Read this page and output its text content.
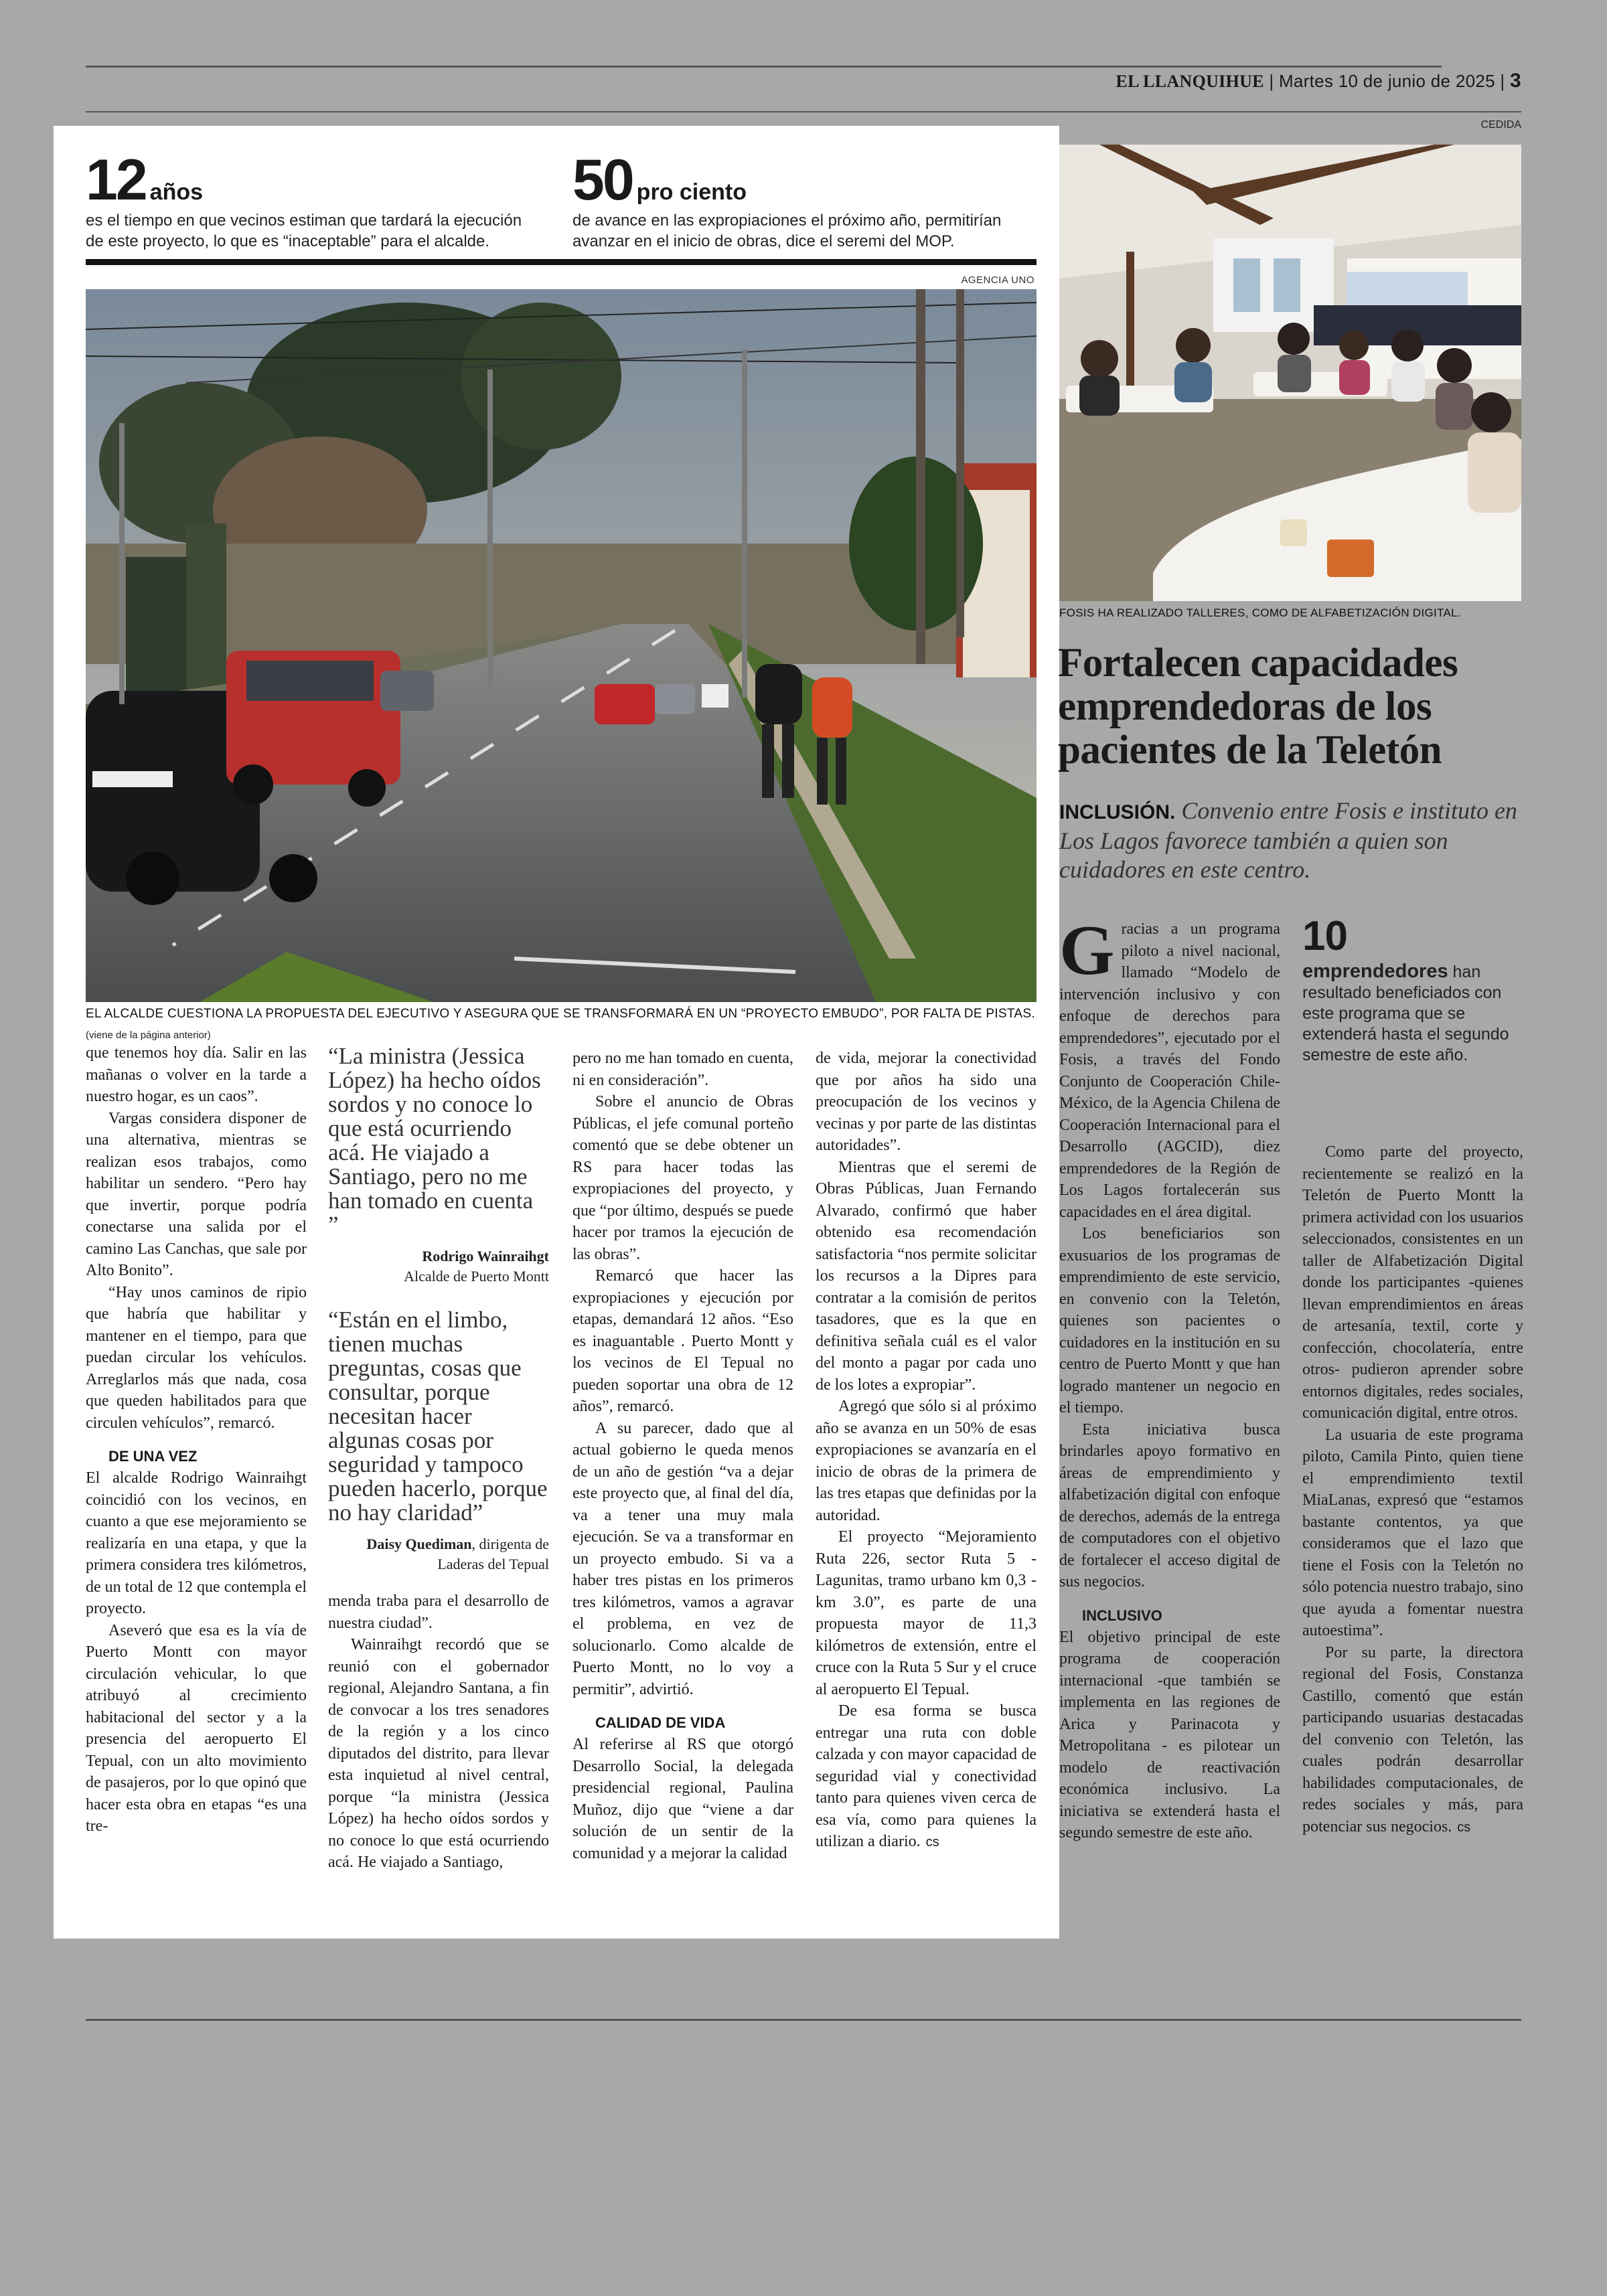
EL LLANQUIHUE | Martes 10 de junio de 2025 | 3
CEDIDA
12 años
es el tiempo en que vecinos estiman que tardará la ejecución de este proyecto, lo que es “inaceptable” para el alcalde.
50 pro ciento
de avance en las expropiaciones el próximo año, permitirían avanzar en el inicio de obras, dice el seremi del MOP.
AGENCIA UNO
EL ALCALDE CUESTIONA LA PROPUESTA DEL EJECUTIVO Y ASEGURA QUE SE TRANSFORMARÁ EN UN “PROYECTO EMBUDO”, POR FALTA DE PISTAS.

(viene de la página anterior)

que tenemos hoy día. Salir en las mañanas o volver en la tarde a nuestro hogar, es un caos”.

Vargas considera disponer de una alternativa, mientras se realizan esos trabajos, como habilitar un sendero. “Pero hay que invertir, porque podría conectarse una salida por el camino Las Canchas, que sale por Alto Bonito”.

“Hay unos caminos de ripio que habría que habilitar y mantener en el tiempo, para que puedan circular los vehículos. Arreglarlos más que nada, cosa que queden habilitados para que circulen vehículos”, remarcó.

DE UNA VEZ

El alcalde Rodrigo Wainraihgt coincidió con los vecinos, en cuanto a que ese mejoramiento se realizaría en una etapa, y que la primera considera tres kilómetros, de un total de 12 que contempla el proyecto.

Aseveró que esa es la vía de Puerto Montt con mayor circulación vehicular, lo que atribuyó al crecimiento habitacional del sector y a la presencia del aeropuerto El Tepual, con un alto movimiento de pasajeros, por lo que opinó que hacer esta obra en etapas “es una tre-

“La ministra (Jessica López) ha hecho oídos sordos y no conoce lo que está ocurriendo acá. He viajado a Santiago, pero no me han tomado en cuenta ”
Rodrigo Wainraihgt
Alcalde de Puerto Montt
“Están en el limbo, tienen muchas preguntas, cosas que consultar, porque necesitan hacer algunas cosas por seguridad y tampoco pueden hacerlo, porque no hay claridad”
Daisy Quediman, dirigenta de Laderas del Tepual

menda traba para el desarrollo de nuestra ciudad”.

Wainraihgt recordó que se reunió con el gobernador regional, Alejandro Santana, a fin de convocar a los tres senadores de la región y a los cinco diputados del distrito, para llevar esta inquietud al nivel central, porque “la ministra (Jessica López) ha hecho oídos sordos y no conoce lo que está ocurriendo acá. He viajado a Santiago,

pero no me han tomado en cuenta, ni en consideración”.

Sobre el anuncio de Obras Públicas, el jefe comunal porteño comentó que se debe obtener un RS para hacer todas las expropiaciones del proyecto, y que “por último, después se puede hacer por tramos la ejecución de las obras”.

Remarcó que hacer las expropiaciones y ejecución por etapas, demandará 12 años. “Eso es inaguantable . Puerto Montt y los vecinos de El Tepual no pueden soportar una obra de 12 años”, remarcó.

A su parecer, dado que al actual gobierno le queda menos de un año de gestión “va a dejar este proyecto que, al final del día, va a tener una muy mala ejecución. Se va a transformar en un proyecto embudo. Si va a haber tres pistas en los primeros tres kilómetros, vamos a agravar el problema, en vez de solucionarlo. Como alcalde de Puerto Montt, no lo voy a permitir”, advirtió.

CALIDAD DE VIDA

Al referirse al RS que otorgó Desarrollo Social, la delegada presidencial regional, Paulina Muñoz, dijo que “viene a dar solución de un sentir de la comunidad y a mejorar la calidad

de vida, mejorar la conectividad que por años ha sido una preocupación de los vecinos y vecinas y por parte de las distintas autoridades”.

Mientras que el seremi de Obras Públicas, Juan Fernando Alvarado, confirmó que haber obtenido esa recomendación satisfactoria “nos permite solicitar los recursos a la Dipres para contratar a la comisión de peritos tasadores, que es la que en definitiva señala cuál es el valor del monto a pagar por cada uno de los lotes a expropiar”.

Agregó que sólo si al próximo año se avanza en un 50% de esas expropiaciones se avanzaría en el inicio de obras de la primera de las tres etapas que definidas por la autoridad.

El proyecto “Mejoramiento Ruta 226, sector Ruta 5 - Lagunitas, tramo urbano km 0,3 - km 3.0”, es parte de una propuesta mayor de 11,3 kilómetros de extensión, entre el cruce con la Ruta 5 Sur y el cruce al aeropuerto El Tepual.

De esa forma se busca entregar una ruta con doble calzada y con mayor capacidad de seguridad vial y conectividad tanto para quienes viven cerca de esa vía, como para quienes la utilizan a diario. cs

FOSIS HA REALIZADO TALLERES, COMO DE ALFABETIZACIÓN DIGITAL.
Fortalecen capacidades emprendedoras de los pacientes de la Teletón
INCLUSIÓN. Convenio entre Fosis e instituto en Los Lagos favorece también a quien son cuidadores en este centro.

Gracias a un programa piloto a nivel nacional, llamado “Modelo de intervención inclusivo y con enfoque de derechos para emprendedores”, ejecutado por el Fosis, a través del Fondo Conjunto de Cooperación Chile-México, de la Agencia Chilena de Cooperación Internacional para el Desarrollo (AGCID), diez emprendedores de la Región de Los Lagos fortalecerán sus capacidades en el área digital.

Los beneficiarios son exusuarios de los programas de emprendimiento de este servicio, en convenio con la Teletón, quienes son pacientes o cuidadores en la institución en su centro de Puerto Montt y que han logrado mantener un negocio en el tiempo.

Esta iniciativa busca brindarles apoyo formativo en áreas de emprendimiento y alfabetización digital con enfoque de derechos, además de la entrega de computadores con el objetivo de fortalecer el acceso digital de sus negocios.

INCLUSIVO

El objetivo principal de este programa de cooperación internacional -que también se implementa en las regiones de Arica y Parinacota y Metropolitana - es pilotear un modelo de reactivación económica inclusivo. La iniciativa se extenderá hasta el segundo semestre de este año.

10
emprendedores han resultado beneficiados con este programa que se extenderá hasta el segundo semestre de este año.

Como parte del proyecto, recientemente se realizó en la Teletón de Puerto Montt la primera actividad con los usuarios seleccionados, consistentes en un taller de Alfabetización Digital donde los participantes -quienes llevan emprendimientos en áreas de artesanía, textil, corte y confección, chocolatería, entre otros- pudieron aprender sobre entornos digitales, redes sociales, comunicación digital, entre otros.

La usuaria de este programa piloto, Camila Pinto, quien tiene el emprendimiento textil MiaLanas, expresó que “estamos bastante contentos, ya que consideramos que el lazo que tiene el Fosis con la Teletón no sólo potencia nuestro trabajo, sino que ayuda a fomentar nuestra autoestima”.

Por su parte, la directora regional del Fosis, Constanza Castillo, comentó que están participando usuarias destacadas del convenio con Teletón, las cuales podrán desarrollar habilidades computacionales, de redes sociales y más, para potenciar sus negocios. cs
